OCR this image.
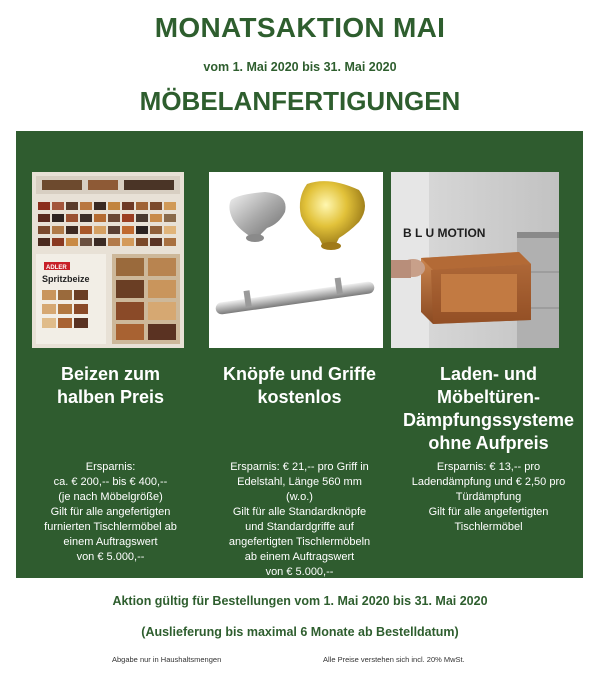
MONATSAKTION MAI
vom 1. Mai 2020 bis 31. Mai 2020
MÖBELANFERTIGUNGEN
ADLER
Spritzbeize
Beizen zum
halben Preis
Ersparnis:
ca. € 200,-- bis € 400,--
(je nach Möbelgröße)
Gilt für alle angefertigten
furnierten Tischlermöbel ab
einem Auftragswert
von € 5.000,--
Knöpfe und Griffe
kostenlos
Ersparnis: € 21,-- pro Griff in
Edelstahl, Länge 560 mm
(w.o.)
Gilt für alle Standardknöpfe
und Standardgriffe auf
angefertigten Tischlermöbeln
ab einem Auftragswert
von € 5.000,--
B L U MOTION
Laden- und
Möbeltüren-
Dämpfungssysteme
ohne Aufpreis
Ersparnis: € 13,-- pro
Ladendämpfung und € 2,50 pro
Türdämpfung
Gilt für alle angefertigten
Tischlermöbel
Aktion gültig für Bestellungen vom 1. Mai 2020 bis 31. Mai 2020
(Auslieferung bis maximal 6 Monate ab Bestelldatum)
Abgabe nur in Haushaltsmengen	Alle Preise verstehen sich incl. 20% MwSt.
